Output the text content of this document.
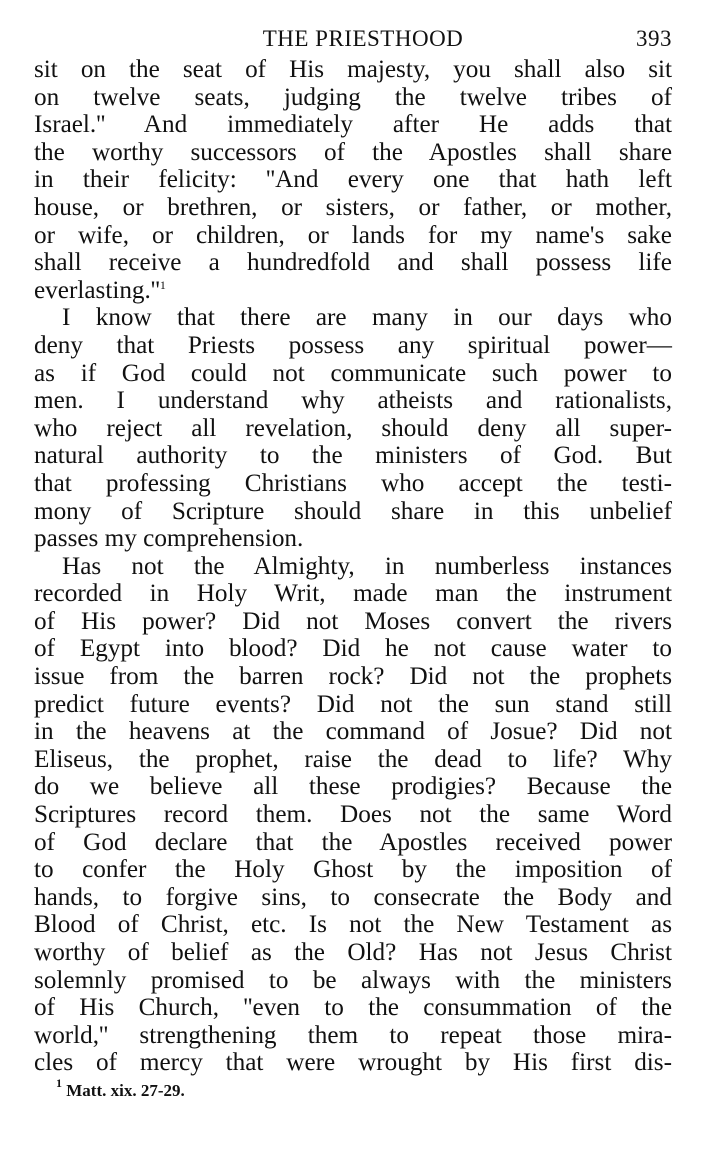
THE PRIESTHOOD	393
sit on the seat of His majesty, you shall also sit
on twelve seats, judging the twelve tribes of
Israel.'' And immediately after He adds that
the worthy successors of the Apostles shall share
in their felicity: ''And every one that hath left
house, or brethren, or sisters, or father, or mother,
or wife, or children, or lands for my name's sake
shall receive a hundredfold and shall possess life
$everlasting.''^1$
I know that there are many in our days who
deny that Priests possess any spiritual power—
as if God could not communicate such power to
men. I understand why atheists and rationalists,
who reject all revelation, should deny all super-
natural authority to the ministers of God. But
that professing Christians who accept the testi-
mony of Scripture should share in this unbelief
passes my comprehension.
Has not the Almighty, in numberless instances
recorded in Holy Writ, made man the instrument
of His power? Did not Moses convert the rivers
of Egypt into blood? Did he not cause water to
issue from the barren rock? Did not the prophets
predict future events? Did not the sun stand still
in the heavens at the command of Josue? Did not
Eliseus, the prophet, raise the dead to life? Why
do we believe all these prodigies? Because the
Scriptures record them. Does not the same Word
of God declare that the Apostles received power
to confer the Holy Ghost by the imposition of
hands, to forgive sins, to consecrate the Body and
Blood of Christ, etc. Is not the New Testament as
worthy of belief as the Old? Has not Jesus Christ
solemnly promised to be always with the ministers
of His Church, ''even to the consummation of the
world,'' strengthening them to repeat those mira-
cles of mercy that were wrought by His first dis-
$^1$ Matt. xix. 27-29.
